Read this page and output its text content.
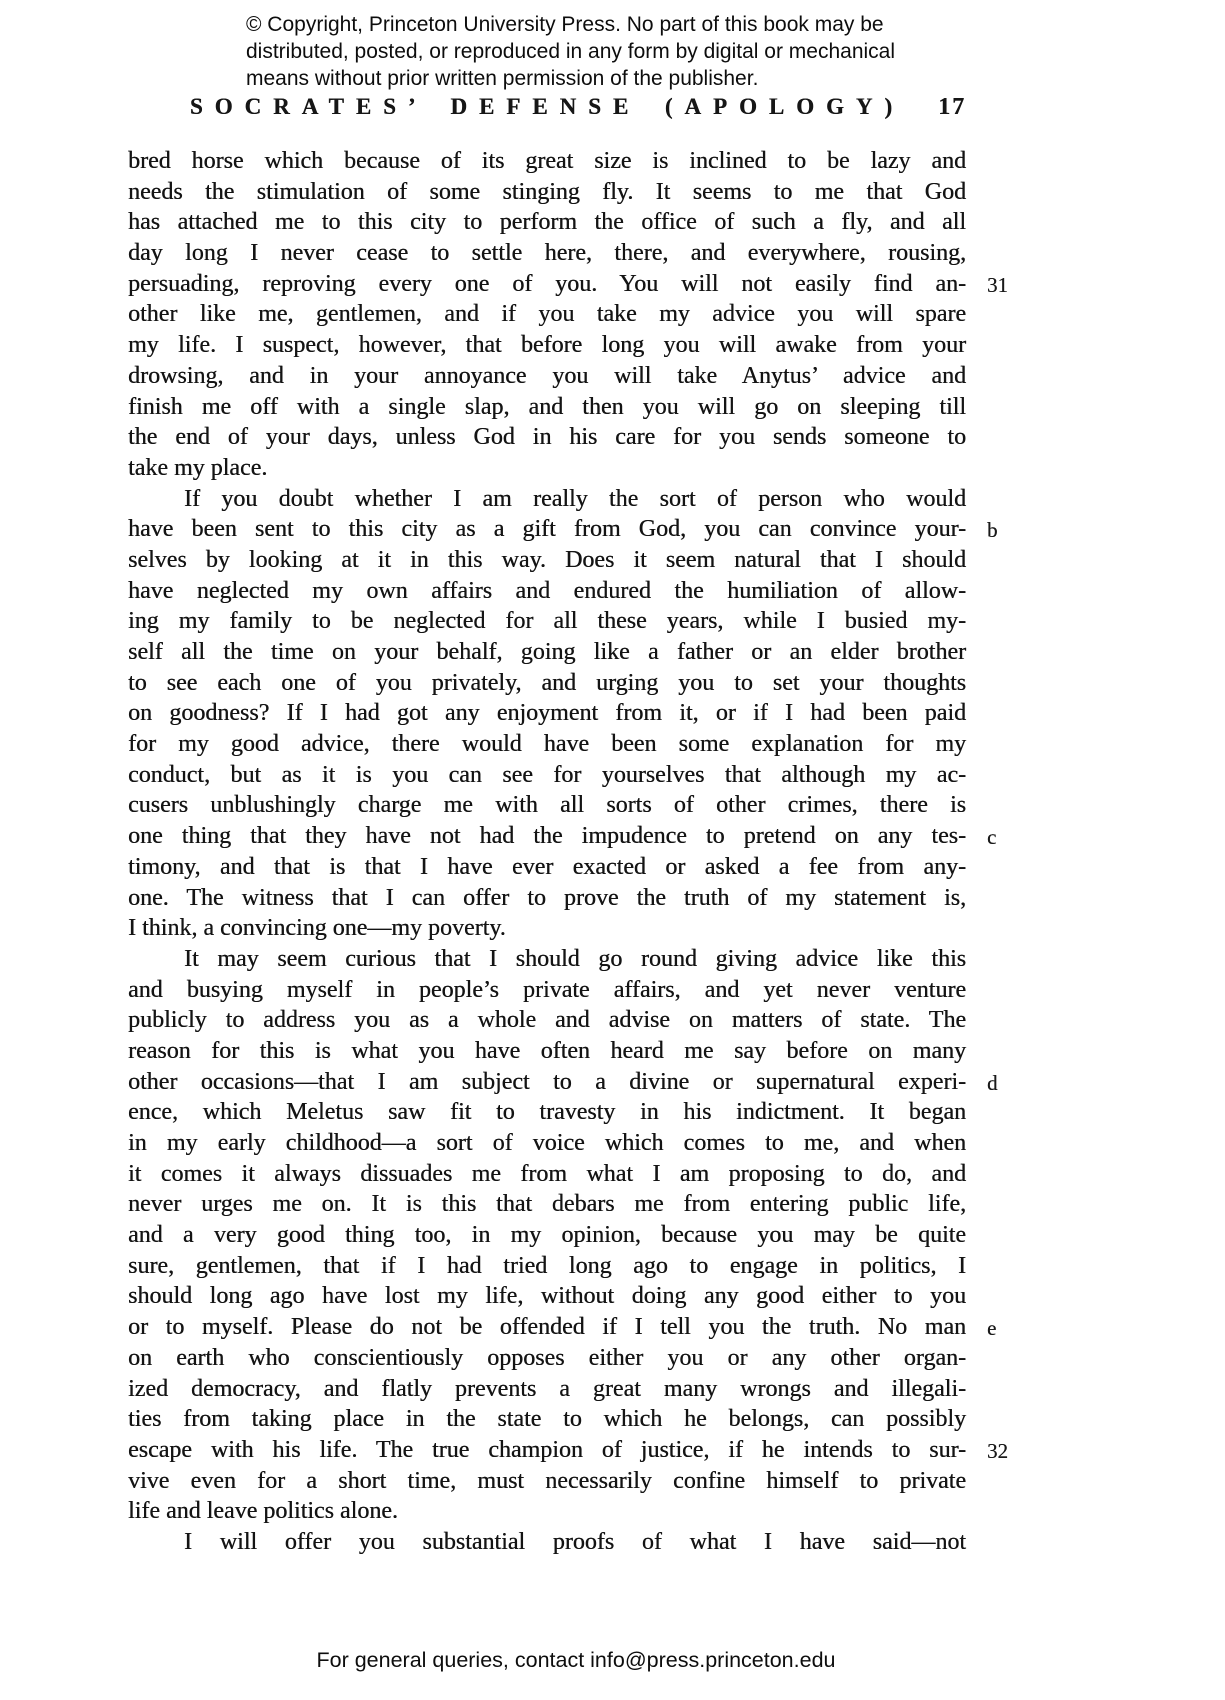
© Copyright, Princeton University Press. No part of this book may be
distributed, posted, or reproduced in any form by digital or mechanical
means without prior written permission of the publisher.
SOCRATES’ DEFENSE (APOLOGY)	17
bred horse which because of its great size is inclined to be lazy and
needs the stimulation of some stinging fly. It seems to me that God
has attached me to this city to perform the office of such a fly, and all
day long I never cease to settle here, there, and everywhere, rousing,
persuading, reproving every one of you. You will not easily find an- 31
other like me, gentlemen, and if you take my advice you will spare
my life. I suspect, however, that before long you will awake from your
drowsing, and in your annoyance you will take Anytus’ advice and
finish me off with a single slap, and then you will go on sleeping till
the end of your days, unless God in his care for you sends someone to
take my place.
If you doubt whether I am really the sort of person who would
have been sent to this city as a gift from God, you can convince your- b
selves by looking at it in this way. Does it seem natural that I should
have neglected my own affairs and endured the humiliation of allow-
ing my family to be neglected for all these years, while I busied my-
self all the time on your behalf, going like a father or an elder brother
to see each one of you privately, and urging you to set your thoughts
on goodness? If I had got any enjoyment from it, or if I had been paid
for my good advice, there would have been some explanation for my
conduct, but as it is you can see for yourselves that although my ac-
cusers unblushingly charge me with all sorts of other crimes, there is
one thing that they have not had the impudence to pretend on any tes- c
timony, and that is that I have ever exacted or asked a fee from any-
one. The witness that I can offer to prove the truth of my statement is,
I think, a convincing one—my poverty.
It may seem curious that I should go round giving advice like this
and busying myself in people’s private affairs, and yet never venture
publicly to address you as a whole and advise on matters of state. The
reason for this is what you have often heard me say before on many
other occasions—that I am subject to a divine or supernatural experi- d
ence, which Meletus saw fit to travesty in his indictment. It began
in my early childhood—a sort of voice which comes to me, and when
it comes it always dissuades me from what I am proposing to do, and
never urges me on. It is this that debars me from entering public life,
and a very good thing too, in my opinion, because you may be quite
sure, gentlemen, that if I had tried long ago to engage in politics, I
should long ago have lost my life, without doing any good either to you
or to myself. Please do not be offended if I tell you the truth. No man e
on earth who conscientiously opposes either you or any other organ-
ized democracy, and flatly prevents a great many wrongs and illegali-
ties from taking place in the state to which he belongs, can possibly
escape with his life. The true champion of justice, if he intends to sur- 32
vive even for a short time, must necessarily confine himself to private
life and leave politics alone.
I will offer you substantial proofs of what I have said—not
For general queries, contact info@press.princeton.edu
